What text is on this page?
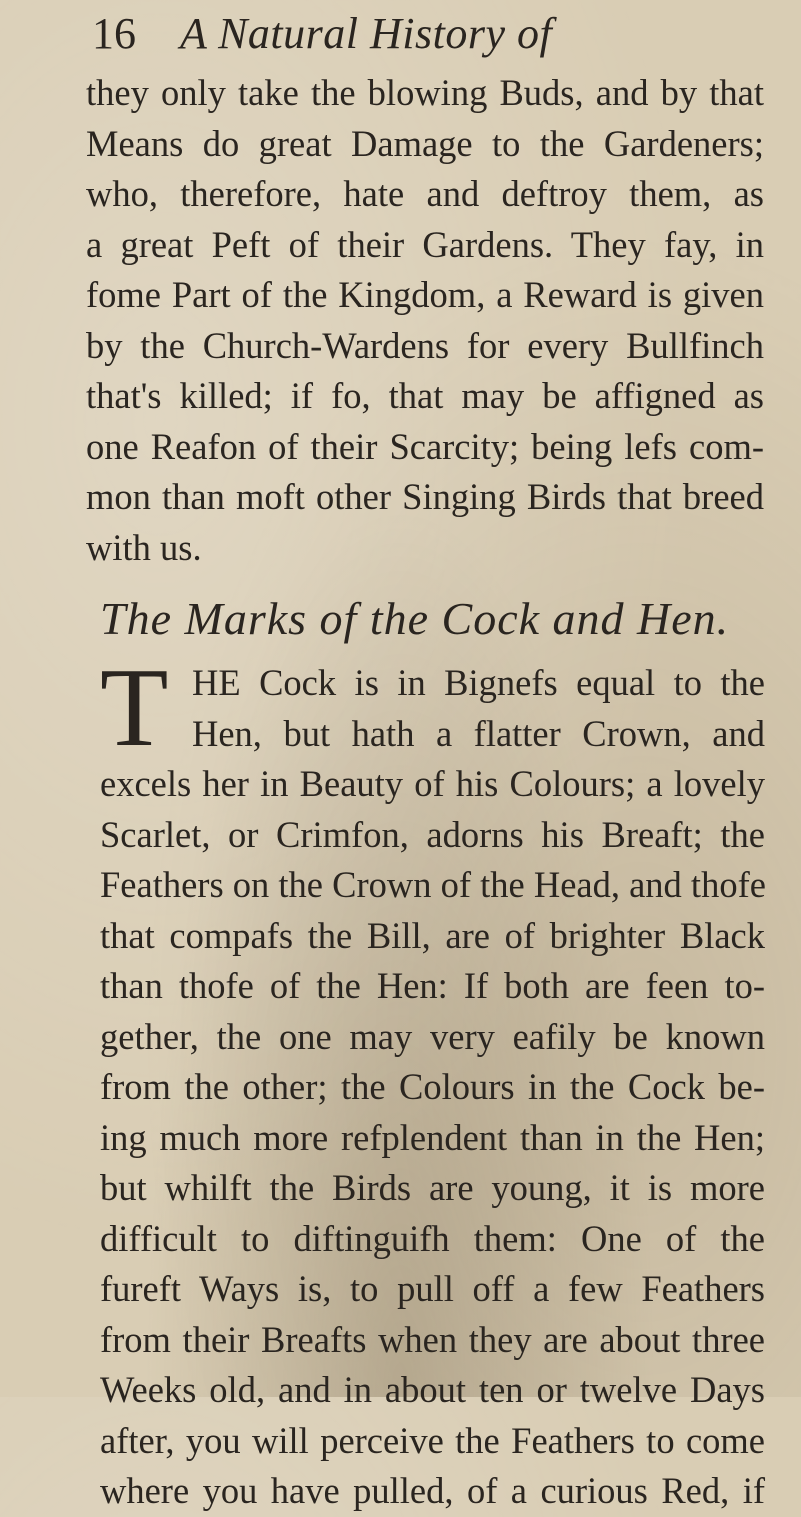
16 A Natural History of
they only take the blowing Buds, and by that
Means do great Damage to the Gardeners;
who, therefore, hate and deftroy them, as
a great Peft of their Gardens. They fay, in
fome Part of the Kingdom, a Reward is given
by the Church-Wardens for every Bullfinch
that's killed; if fo, that may be affigned as
one Reafon of their Scarcity; being lefs com-
mon than moft other Singing Birds that breed
with us.
The Marks of the Cock and Hen.
T HE Cock is in Bignefs equal to the
Hen, but hath a flatter Crown, and
excels her in Beauty of his Colours; a lovely
Scarlet, or Crimfon, adorns his Breaft; the
Feathers on the Crown of the Head, and thofe
that compafs the Bill, are of brighter Black
than thofe of the Hen: If both are feen to-
gether, the one may very eafily be known
from the other; the Colours in the Cock be-
ing much more refplendent than in the Hen;
but whilft the Birds are young, it is more
difficult to diftinguifh them: One of the
fureft Ways is, to pull off a few Feathers
from their Breafts when they are about three
Weeks old, and in about ten or twelve Days
after, you will perceive the Feathers to come
where you have pulled, of a curious Red, if
